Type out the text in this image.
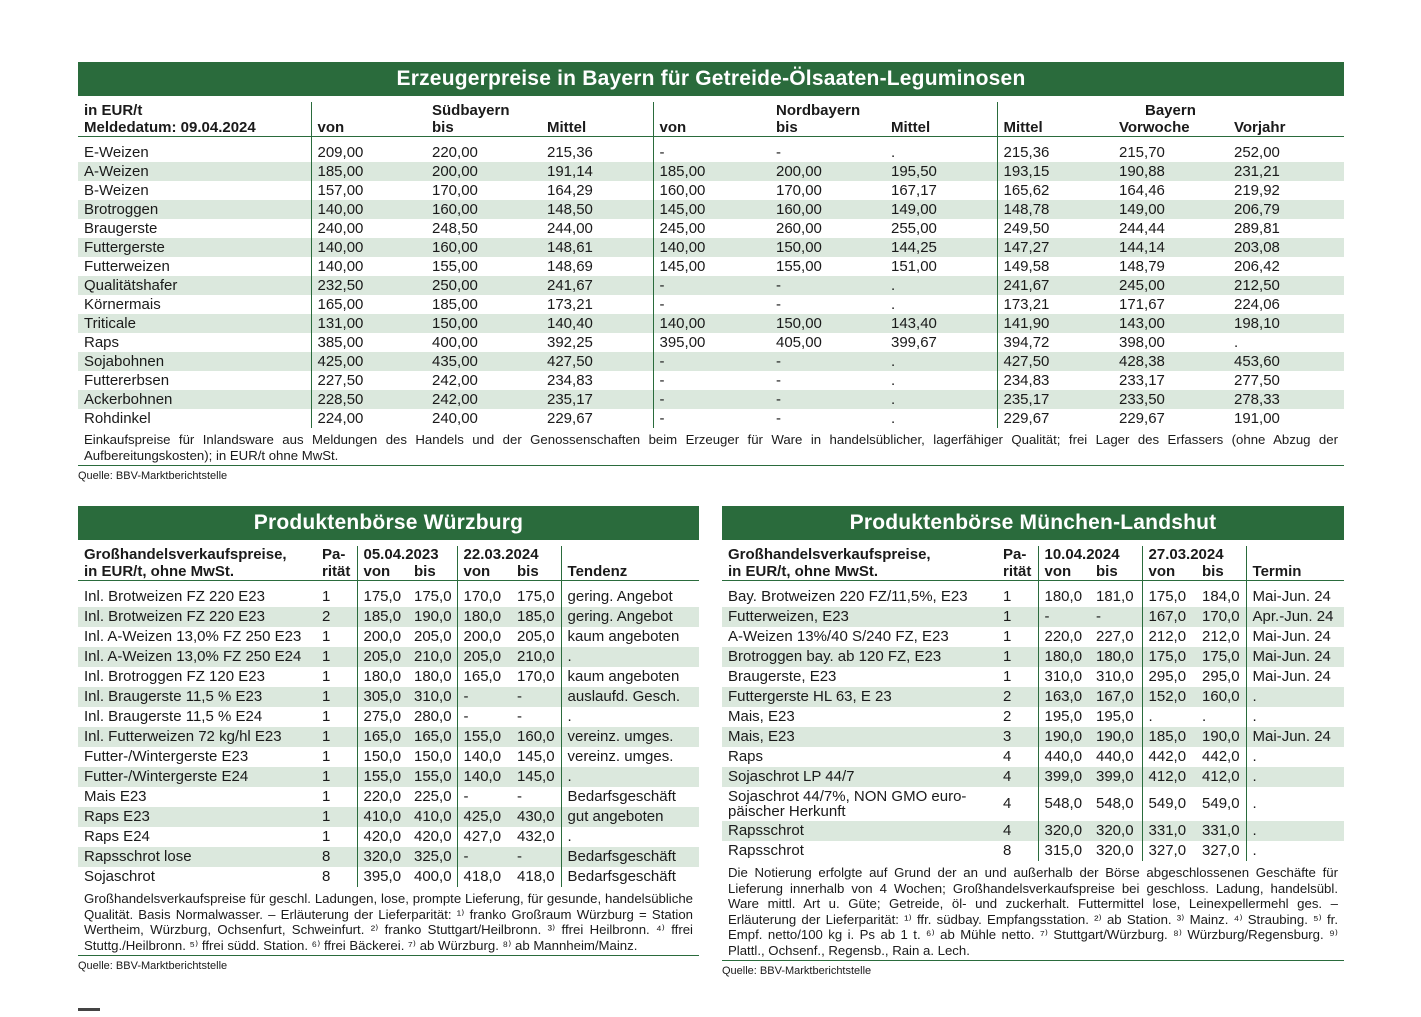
Erzeugerpreise in Bayern für Getreide-Ölsaaten-Leguminosen
in EUR/t		Südbayern			Nordbayern			Bayern	
Meldedatum: 09.04.2024	von	bis	Mittel	von	bis	Mittel	Mittel	Vorwoche	Vorjahr

E-Weizen	209,00	220,00	215,36	-	-	.	215,36	215,70	252,00
A-Weizen	185,00	200,00	191,14	185,00	200,00	195,50	193,15	190,88	231,21
B-Weizen	157,00	170,00	164,29	160,00	170,00	167,17	165,62	164,46	219,92
Brotroggen	140,00	160,00	148,50	145,00	160,00	149,00	148,78	149,00	206,79
Braugerste	240,00	248,50	244,00	245,00	260,00	255,00	249,50	244,44	289,81
Futtergerste	140,00	160,00	148,61	140,00	150,00	144,25	147,27	144,14	203,08
Futterweizen	140,00	155,00	148,69	145,00	155,00	151,00	149,58	148,79	206,42
Qualitätshafer	232,50	250,00	241,67	-	-	.	241,67	245,00	212,50
Körnermais	165,00	185,00	173,21	-	-	.	173,21	171,67	224,06
Triticale	131,00	150,00	140,40	140,00	150,00	143,40	141,90	143,00	198,10
Raps	385,00	400,00	392,25	395,00	405,00	399,67	394,72	398,00	.
Sojabohnen	425,00	435,00	427,50	-	-	.	427,50	428,38	453,60
Futtererbsen	227,50	242,00	234,83	-	-	.	234,83	233,17	277,50
Ackerbohnen	228,50	242,00	235,17	-	-	.	235,17	233,50	278,33
Rohdinkel	224,00	240,00	229,67	-	-	.	229,67	229,67	191,00
Einkaufspreise für Inlandsware aus Meldungen des Handels und der Genossenschaften beim Erzeuger für Ware in handelsüblicher, lagerfähiger Qualität; frei Lager des Erfassers (ohne Abzug der Aufbereitungskosten); in EUR/t ohne MwSt.
Quelle: BBV-Marktberichtstelle
Produktenbörse Würzburg
Großhandelsverkaufspreise,	Pa-	05.04.2023		22.03.2024		
in EUR/t, ohne MwSt.	rität	von	bis	von	bis	Tendenz

Inl. Brotweizen FZ 220 E23	1	175,0	175,0	170,0	175,0	gering. Angebot
Inl. Brotweizen FZ 220 E23	2	185,0	190,0	180,0	185,0	gering. Angebot
Inl. A-Weizen 13,0% FZ 250 E23	1	200,0	205,0	200,0	205,0	kaum angeboten
Inl. A-Weizen 13,0% FZ 250 E24	1	205,0	210,0	205,0	210,0	.
Inl. Brotroggen FZ 120 E23	1	180,0	180,0	165,0	170,0	kaum angeboten
Inl. Braugerste 11,5 % E23	1	305,0	310,0	-	-	auslaufd. Gesch.
Inl. Braugerste 11,5 % E24	1	275,0	280,0	-	-	.
Inl. Futterweizen 72 kg/hl E23	1	165,0	165,0	155,0	160,0	vereinz. umges.
Futter-/Wintergerste E23	1	150,0	150,0	140,0	145,0	vereinz. umges.
Futter-/Wintergerste E24	1	155,0	155,0	140,0	145,0	.
Mais E23	1	220,0	225,0	-	-	Bedarfsgeschäft
Raps E23	1	410,0	410,0	425,0	430,0	gut angeboten
Raps E24	1	420,0	420,0	427,0	432,0	.
Rapsschrot lose	8	320,0	325,0	-	-	Bedarfsgeschäft
Sojaschrot	8	395,0	400,0	418,0	418,0	Bedarfsgeschäft
Großhandelsverkaufspreise für geschl. Ladungen, lose, prompte Lieferung, für gesunde, handelsübliche Qualität. Basis Normalwasser. – Erläuterung der Lieferparität: ¹⁾ franko Großraum Würzburg = Station Wertheim, Würzburg, Ochsenfurt, Schweinfurt. ²⁾ franko Stuttgart/Heilbronn. ³⁾ ffrei Heilbronn. ⁴⁾ ffrei Stuttg./Heilbronn. ⁵⁾ ffrei südd. Station. ⁶⁾ ffrei Bäckerei. ⁷⁾ ab Würzburg. ⁸⁾ ab Mannheim/Mainz.
Quelle: BBV-Marktberichtstelle
Produktenbörse München-Landshut
Großhandelsverkaufspreise,	Pa-	10.04.2024		27.03.2024		
in EUR/t, ohne MwSt.	rität	von	bis	von	bis	Termin

Bay. Brotweizen 220 FZ/11,5%, E23	1	180,0	181,0	175,0	184,0	Mai-Jun. 24
Futterweizen, E23	1	-	-	167,0	170,0	Apr.-Jun. 24
A-Weizen 13%/40 S/240 FZ, E23	1	220,0	227,0	212,0	212,0	Mai-Jun. 24
Brotroggen bay. ab 120 FZ, E23	1	180,0	180,0	175,0	175,0	Mai-Jun. 24
Braugerste, E23	1	310,0	310,0	295,0	295,0	Mai-Jun. 24
Futtergerste HL 63, E 23	2	163,0	167,0	152,0	160,0	.
Mais, E23	2	195,0	195,0	.	.	.
Mais, E23	3	190,0	190,0	185,0	190,0	Mai-Jun. 24
Raps	4	440,0	440,0	442,0	442,0	.
Sojaschrot LP 44/7	4	399,0	399,0	412,0	412,0	.

Sojaschrot 44/7%, NON GMO euro-
päischer Herkunft	4	548,0	548,0	549,0	549,0	.
Rapsschrot	4	320,0	320,0	331,0	331,0	.
Rapsschrot	8	315,0	320,0	327,0	327,0	.
Die Notierung erfolgte auf Grund der an und außerhalb der Börse abgeschlossenen Geschäfte für Lieferung innerhalb von 4 Wochen; Großhandelsverkaufspreise bei geschloss. Ladung, handelsübl. Ware mittl. Art u. Güte; Getreide, öl- und zuckerhalt. Futtermittel lose, Leinexpellermehl ges. – Erläuterung der Lieferparität: ¹⁾ ffr. südbay. Empfangsstation. ²⁾ ab Station. ³⁾ Mainz. ⁴⁾ Straubing. ⁵⁾ fr. Empf. netto/100 kg i. Ps ab 1 t. ⁶⁾ ab Mühle netto. ⁷⁾ Stuttgart/Würzburg. ⁸⁾ Würzburg/Regensburg. ⁹⁾ Plattl., Ochsenf., Regensb., Rain a. Lech.
Quelle: BBV-Marktberichtstelle
